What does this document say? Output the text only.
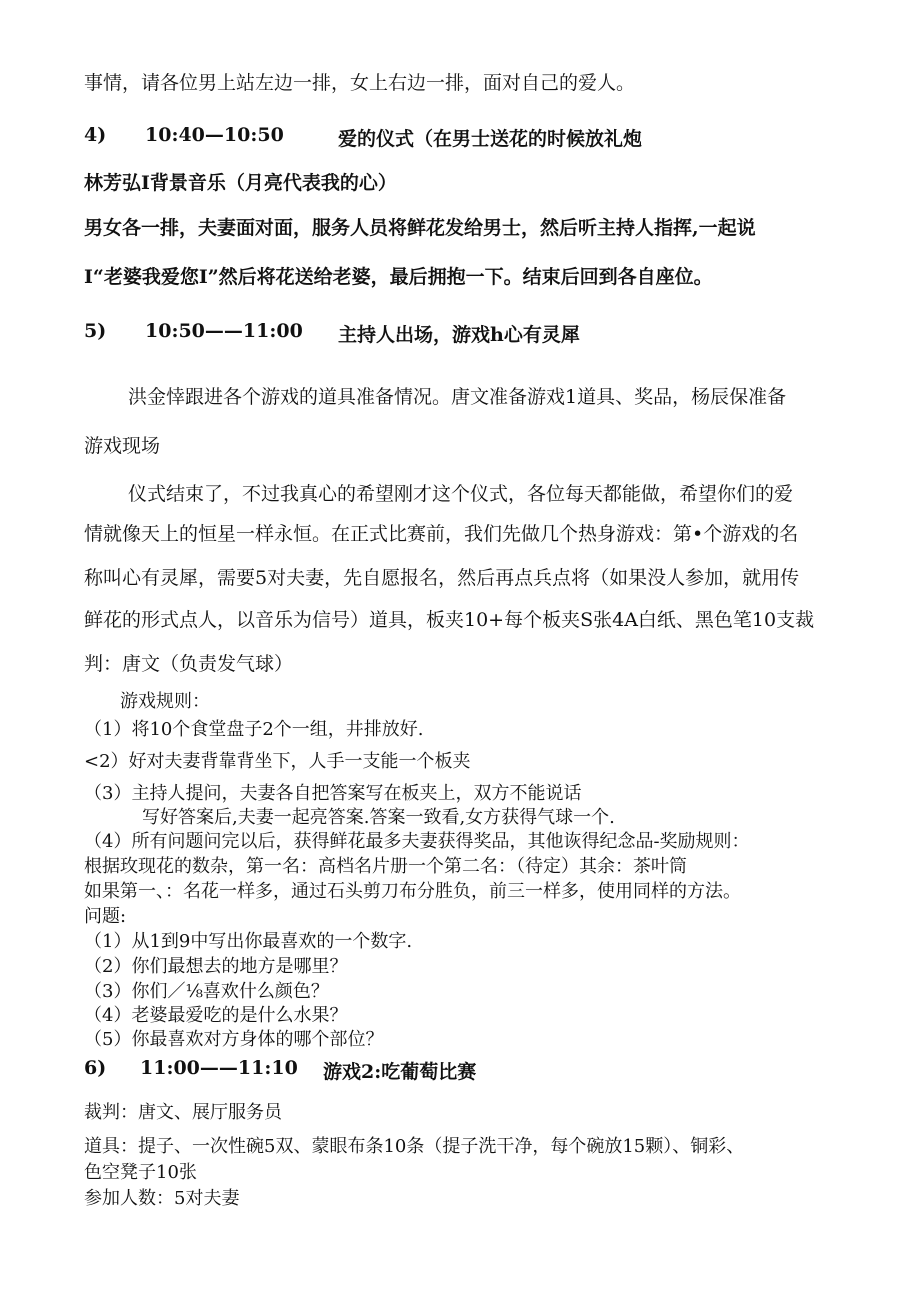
事情，请各位男上站左边一排，女上右边一排，面对自己的爱人。
4) 10:40—10:50	爱的仪式（在男士送花的时候放礼炮
林芳弘I背景音乐（月亮代表我的心）
男女各一排，夫妻面对面，服务人员将鲜花发给男士，然后听主持人指挥,一起说
I“老婆我爱您I”然后将花送给老婆，最后拥抱一下。结束后回到各自座位。
5) 10:50——11:00 主持人出场，游戏h心有灵犀
洪金悻跟进各个游戏的道具准备情况。唐文准备游戏1道具、奖品，杨辰保准备
游戏现场
仪式结束了，不过我真心的希望刚才这个仪式，各位每天都能做，希望你们的爱
情就像天上的恒星一样永恒。在正式比赛前，我们先做几个热身游戏：第•个游戏的名
称叫心有灵犀，需要5对夫妻，先自愿报名，然后再点兵点将（如果没人参加，就用传
鲜花的形式点人，以音乐为信号）道具，板夹10+每个板夹S张4A白纸、黑色笔10支裁
判：唐文（负责发气球）
游戏规则：
（1）将10个食堂盘子2个一组，井排放好.
<2）好对夫妻背靠背坐下，人手一支能一个板夹
（3）主持人提问，夫妻各自把答案写在板夹上，双方不能说话
写好答案后,夫妻一起亮答案.答案一致看,女方获得气球一个.
（4）所有问题问完以后，获得鲜花最多夫妻获得奖品，其他诙得纪念品-奖励规则：
根据玫现花的数杂，第一名：高档名片册一个第二名：（待定）其余：茶叶筒
如果第一、：名花一样多，通过石头剪刀布分胜负，前三一样多，使用同样的方法。
问题:
（1）从1到9中写出你最喜欢的一个数字.
（2）你们最想去的地方是哪里？
（3）你们／⅛喜欢什么颜色？
（4）老婆最爱吃的是什么水果？
（5）你最喜欢对方身体的哪个部位？
6) 11:00——11:10 游戏2:吃葡萄比赛
裁判：唐文、展厅服务员
道具：提子、一次性碗5双、蒙眼布条10条（提子洗干净，每个碗放15颗）、铜彩、
色空凳子10张
参加人数：5对夫妻
